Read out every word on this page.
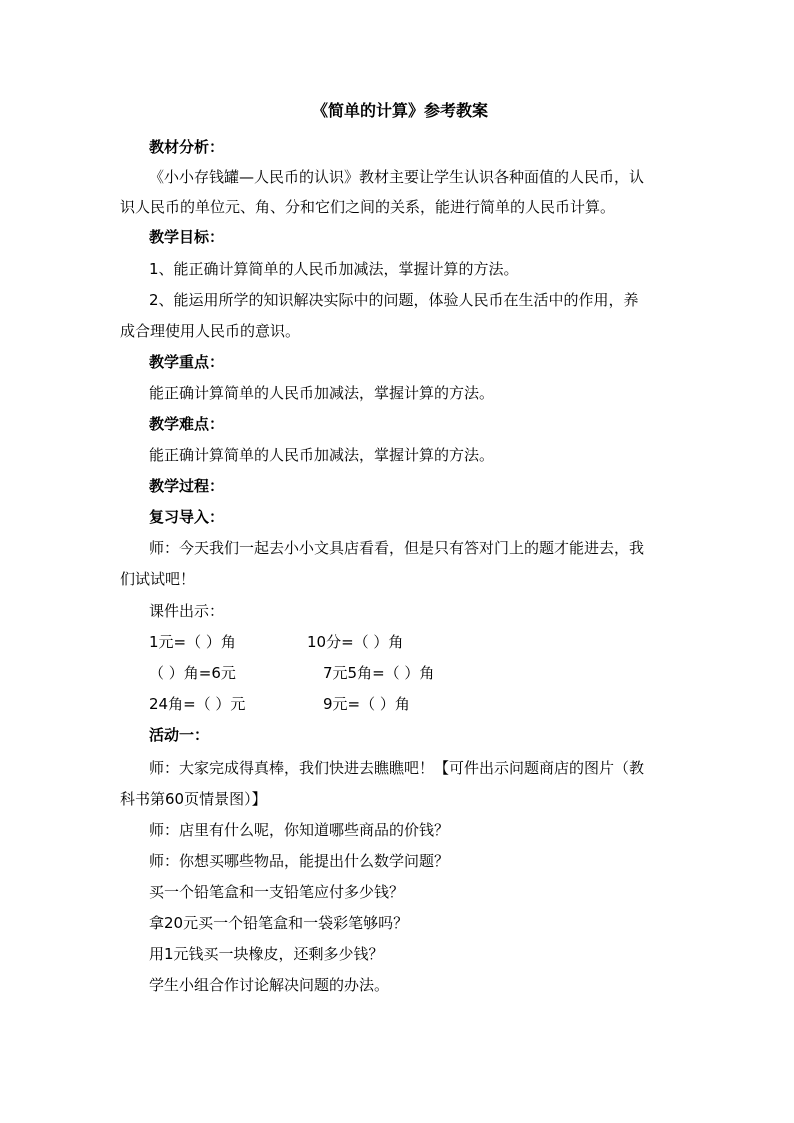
《简单的计算》参考教案
教材分析：
《小小存钱罐—人民币的认识》教材主要让学生认识各种面值的人民币，认
识人民币的单位元、角、分和它们之间的关系，能进行简单的人民币计算。
教学目标：
1、能正确计算简单的人民币加减法，掌握计算的方法。
2、能运用所学的知识解决实际中的问题，体验人民币在生活中的作用，养
成合理使用人民币的意识。
教学重点：
能正确计算简单的人民币加减法，掌握计算的方法。
教学难点：
能正确计算简单的人民币加减法，掌握计算的方法。
教学过程：
复习导入：
师：今天我们一起去小小文具店看看，但是只有答对门上的题才能进去，我
们试试吧！
课件出示：
1元=（ ）角	10分=（ ）角
（ ）角=6元	7元5角=（ ）角
24角=（ ）元	9元=（ ）角
活动一：
师：大家完成得真棒，我们快进去瞧瞧吧！【可件出示问题商店的图片（教
科书第60页情景图）】
师：店里有什么呢，你知道哪些商品的价钱？
师：你想买哪些物品，能提出什么数学问题？
买一个铅笔盒和一支铅笔应付多少钱？
拿20元买一个铅笔盒和一袋彩笔够吗？
用1元钱买一块橡皮，还剩多少钱？
学生小组合作讨论解决问题的办法。
